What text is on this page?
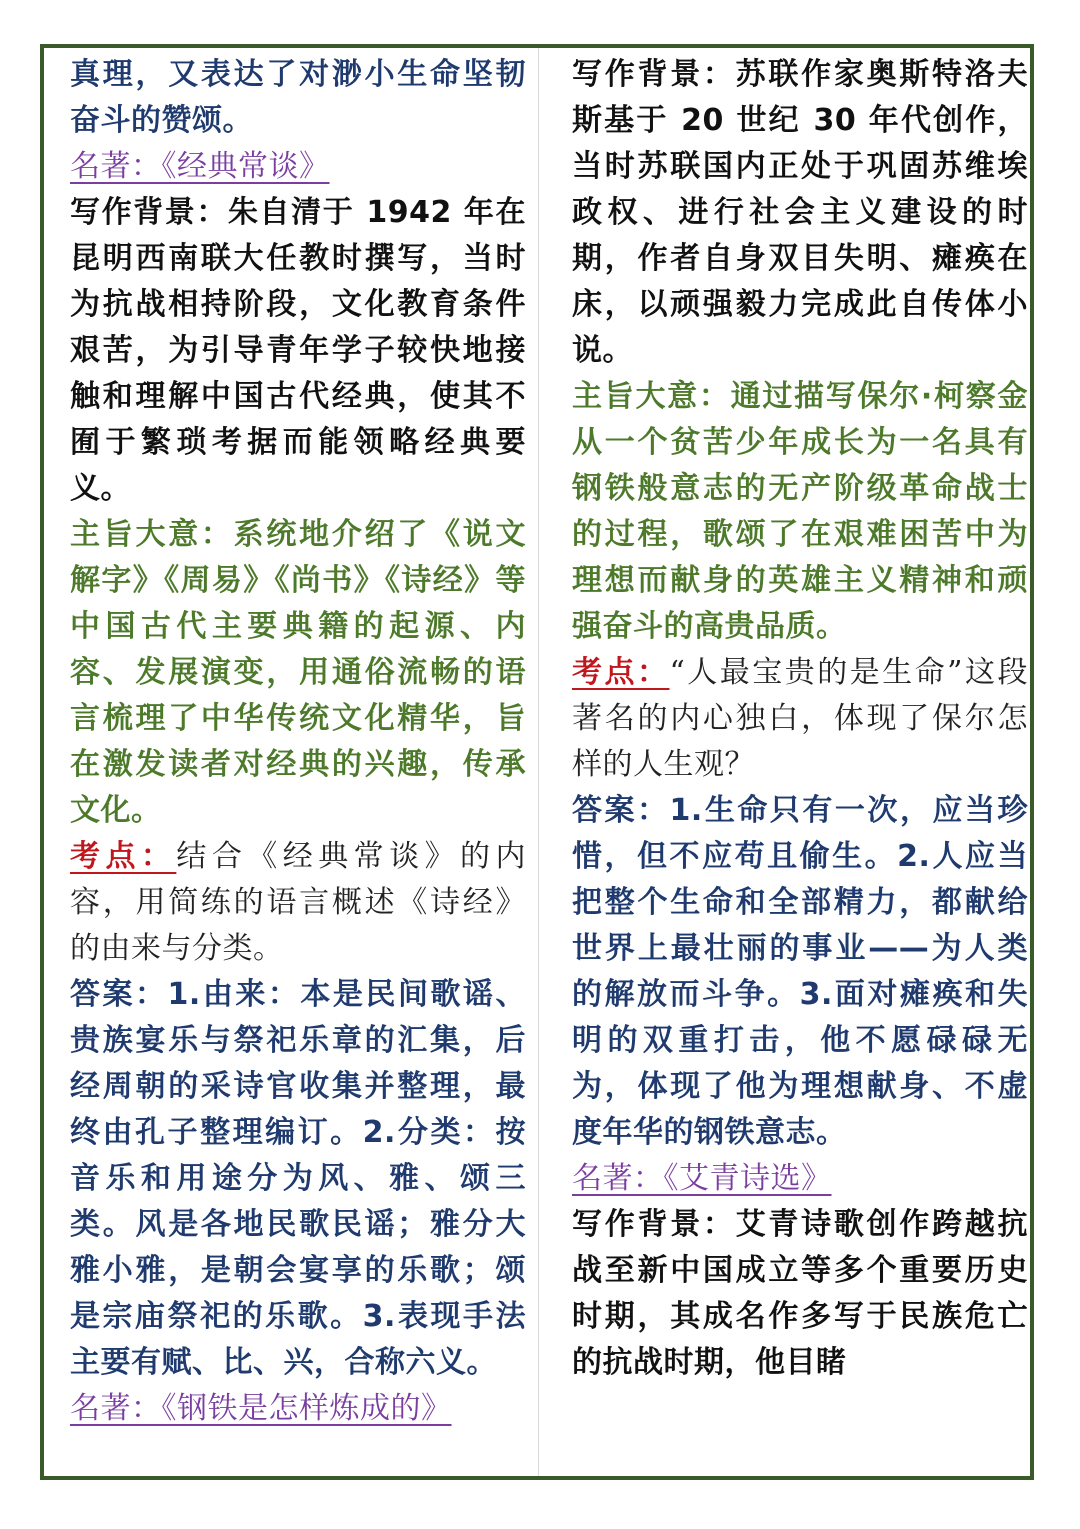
真理，又表达了对渺小生命坚韧奋斗的赞颂。

名著：《经典常谈》

写作背景：朱自清于 1942 年在昆明西南联大任教时撰写，当时为抗战相持阶段，文化教育条件艰苦，为引导青年学子较快地接触和理解中国古代经典，使其不囿于繁琐考据而能领略经典要义。

主旨大意：系统地介绍了《说文解字》《周易》《尚书》《诗经》等中国古代主要典籍的起源、内容、发展演变，用通俗流畅的语言梳理了中华传统文化精华，旨在激发读者对经典的兴趣，传承文化。

考点：结合《经典常谈》的内容，用简练的语言概述《诗经》的由来与分类。

答案：1.由来：本是民间歌谣、贵族宴乐与祭祀乐章的汇集，后经周朝的采诗官收集并整理，最终由孔子整理编订。2.分类：按音乐和用途分为风、雅、颂三类。风是各地民歌民谣；雅分大雅小雅，是朝会宴享的乐歌；颂是宗庙祭祀的乐歌。3.表现手法主要有赋、比、兴，合称六义。

名著：《钢铁是怎样炼成的》

写作背景：苏联作家奥斯特洛夫斯基于 20 世纪 30 年代创作，当时苏联国内正处于巩固苏维埃政权、进行社会主义建设的时期，作者自身双目失明、瘫痪在床，以顽强毅力完成此自传体小说。

主旨大意：通过描写保尔·柯察金从一个贫苦少年成长为一名具有钢铁般意志的无产阶级革命战士的过程，歌颂了在艰难困苦中为理想而献身的英雄主义精神和顽强奋斗的高贵品质。

考点：“人最宝贵的是生命”这段著名的内心独白，体现了保尔怎样的人生观？

答案：1.生命只有一次，应当珍惜，但不应苟且偷生。2.人应当把整个生命和全部精力，都献给世界上最壮丽的事业——为人类的解放而斗争。3.面对瘫痪和失明的双重打击，他不愿碌碌无为，体现了他为理想献身、不虚度年华的钢铁意志。

名著：《艾青诗选》

写作背景：艾青诗歌创作跨越抗战至新中国成立等多个重要历史时期，其成名作多写于民族危亡的抗战时期，他目睹
